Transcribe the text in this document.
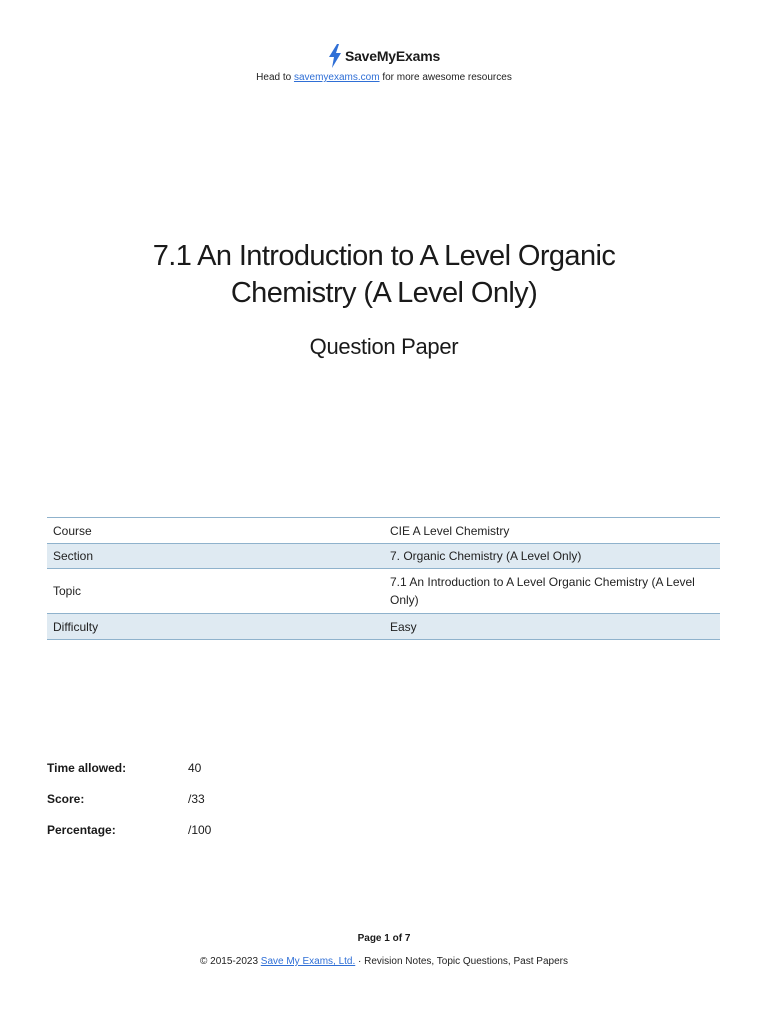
SaveMyExams
Head to savemyexams.com for more awesome resources
7.1 An Introduction to A Level Organic
Chemistry (A Level Only)
Question Paper
Course	CIE A Level Chemistry
Section	7. Organic Chemistry (A Level Only)
Topic	7.1 An Introduction to A Level Organic Chemistry (A Level Only)
Difficulty	Easy
Time allowed:	40
Score:	/33
Percentage:	/100
Page 1 of 7
© 2015-2023 Save My Exams, Ltd. · Revision Notes, Topic Questions, Past Papers
